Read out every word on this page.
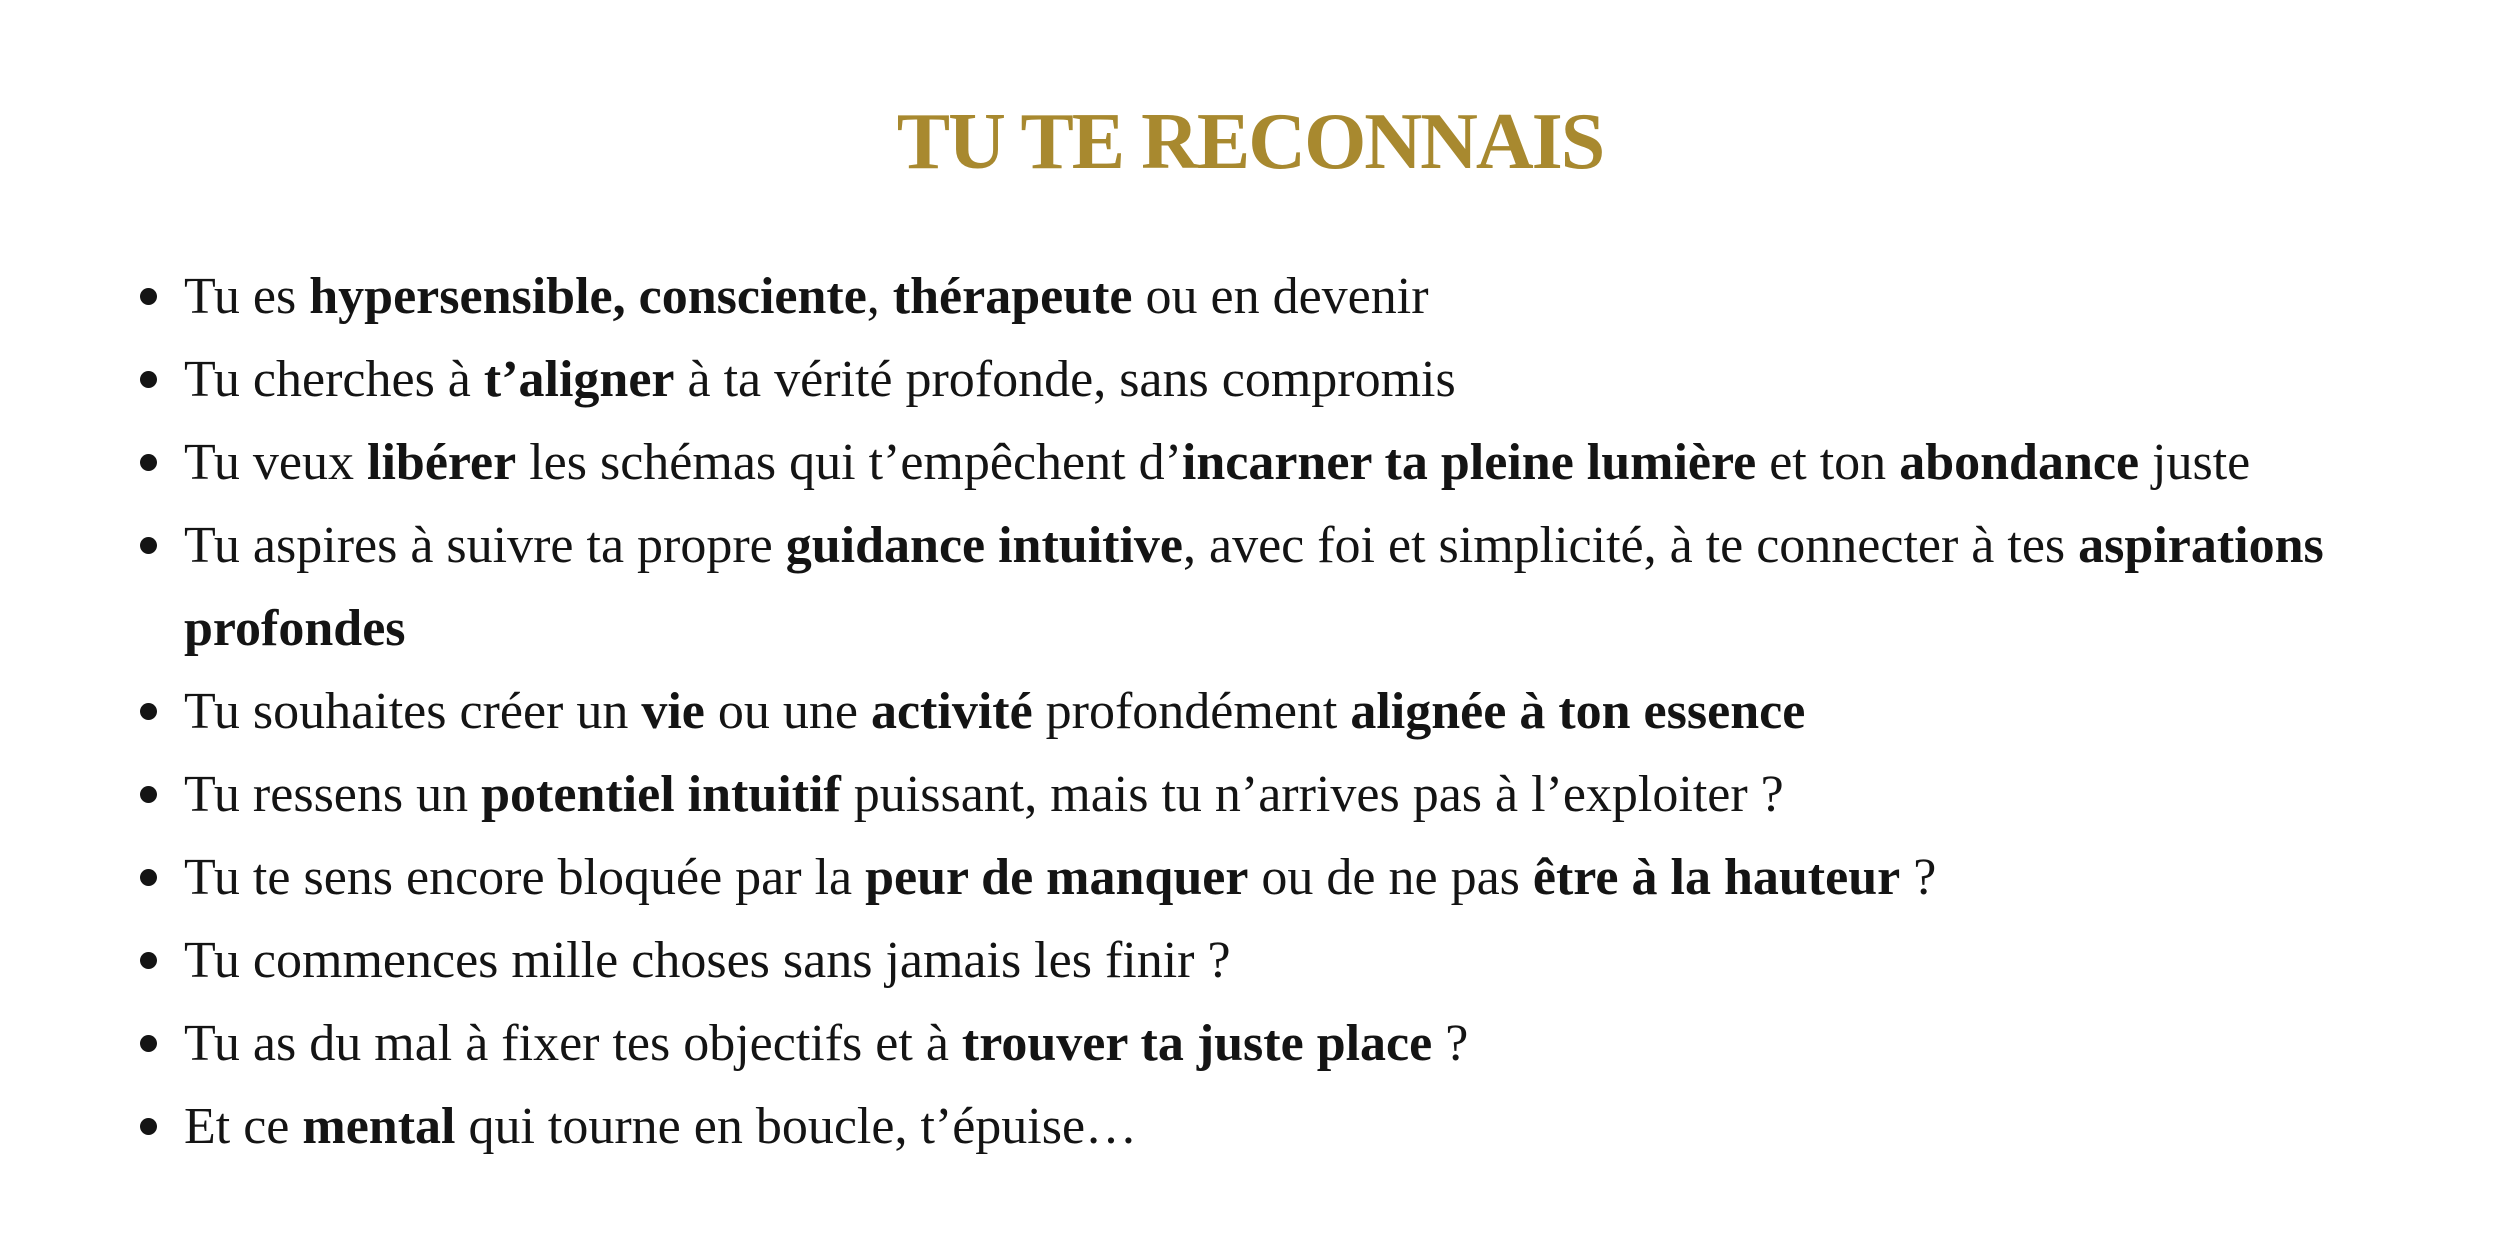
TU TE RECONNAIS
Tu es hypersensible, consciente, thérapeute ou en devenir
Tu cherches à t’aligner à ta vérité profonde, sans compromis
Tu veux libérer les schémas qui t’empêchent d’incarner ta pleine lumière et ton abondance juste
Tu aspires à suivre ta propre guidance intuitive, avec foi et simplicité, à te connecter à tes aspirations profondes
Tu souhaites créer un vie ou une activité profondément alignée à ton essence
Tu ressens un potentiel intuitif puissant, mais tu n’arrives pas à l’exploiter ?
Tu te sens encore bloquée par la peur de manquer ou de ne pas être à la hauteur ?
Tu commences mille choses sans jamais les finir ?
Tu as du mal à fixer tes objectifs et à trouver ta juste place ?
Et ce mental qui tourne en boucle, t’épuise…
